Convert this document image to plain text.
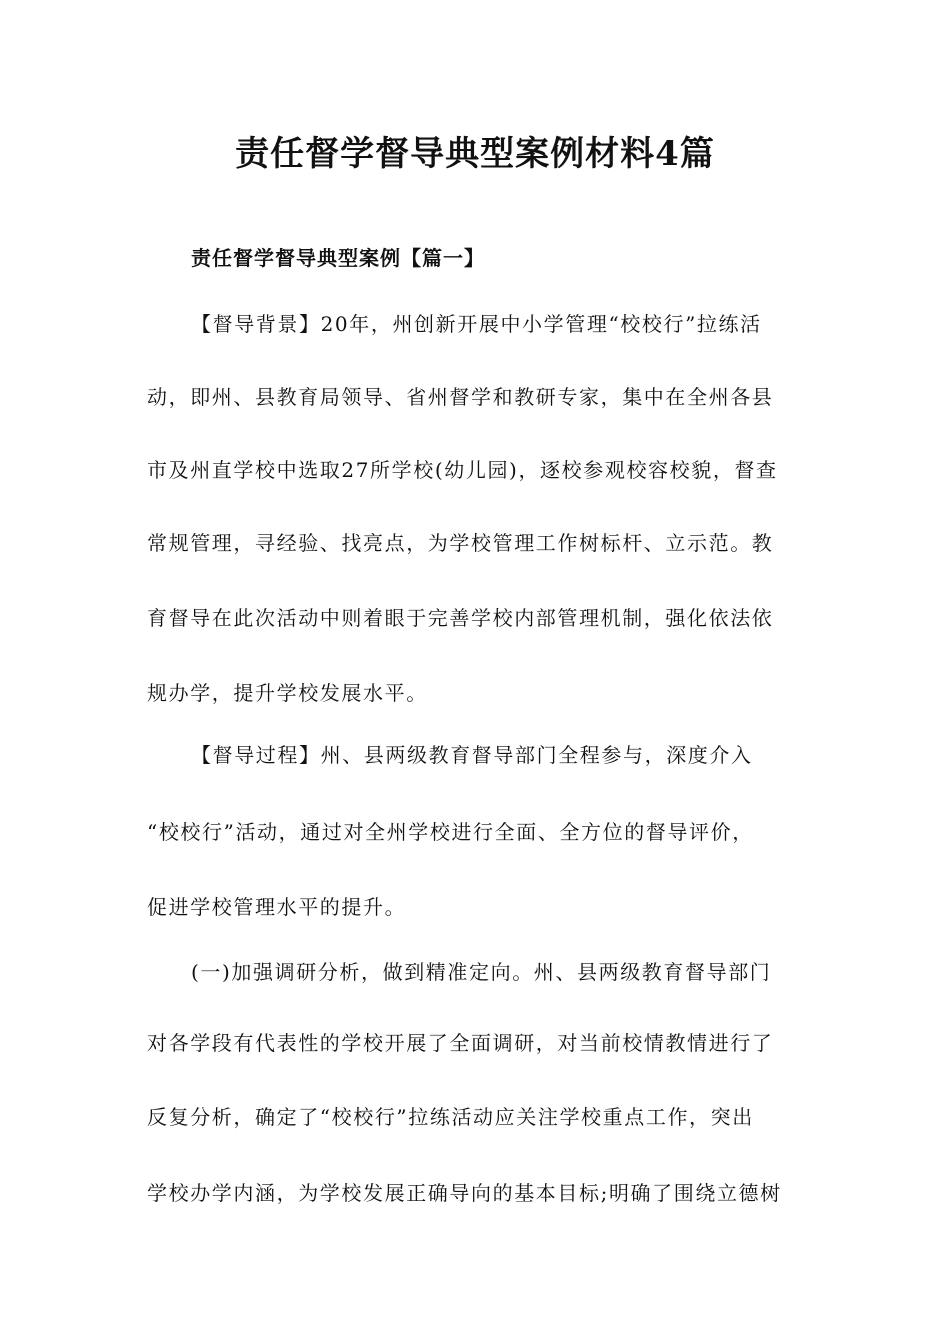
责任督学督导典型案例材料4篇
责任督学督导典型案例【篇一】

【督导背景】20年，州创新开展中小学管理“校校行”拉练活

动，即州、县教育局领导、省州督学和教研专家，集中在全州各县

市及州直学校中选取27所学校(幼儿园)，逐校参观校容校貌，督查

常规管理，寻经验、找亮点，为学校管理工作树标杆、立示范。教

育督导在此次活动中则着眼于完善学校内部管理机制，强化依法依

规办学，提升学校发展水平。

【督导过程】州、县两级教育督导部门全程参与，深度介入

“校校行”活动，通过对全州学校进行全面、全方位的督导评价，

促进学校管理水平的提升。

(一)加强调研分析，做到精准定向。州、县两级教育督导部门

对各学段有代表性的学校开展了全面调研，对当前校情教情进行了

反复分析，确定了“校校行”拉练活动应关注学校重点工作，突出

学校办学内涵，为学校发展正确导向的基本目标;明确了围绕立德树
